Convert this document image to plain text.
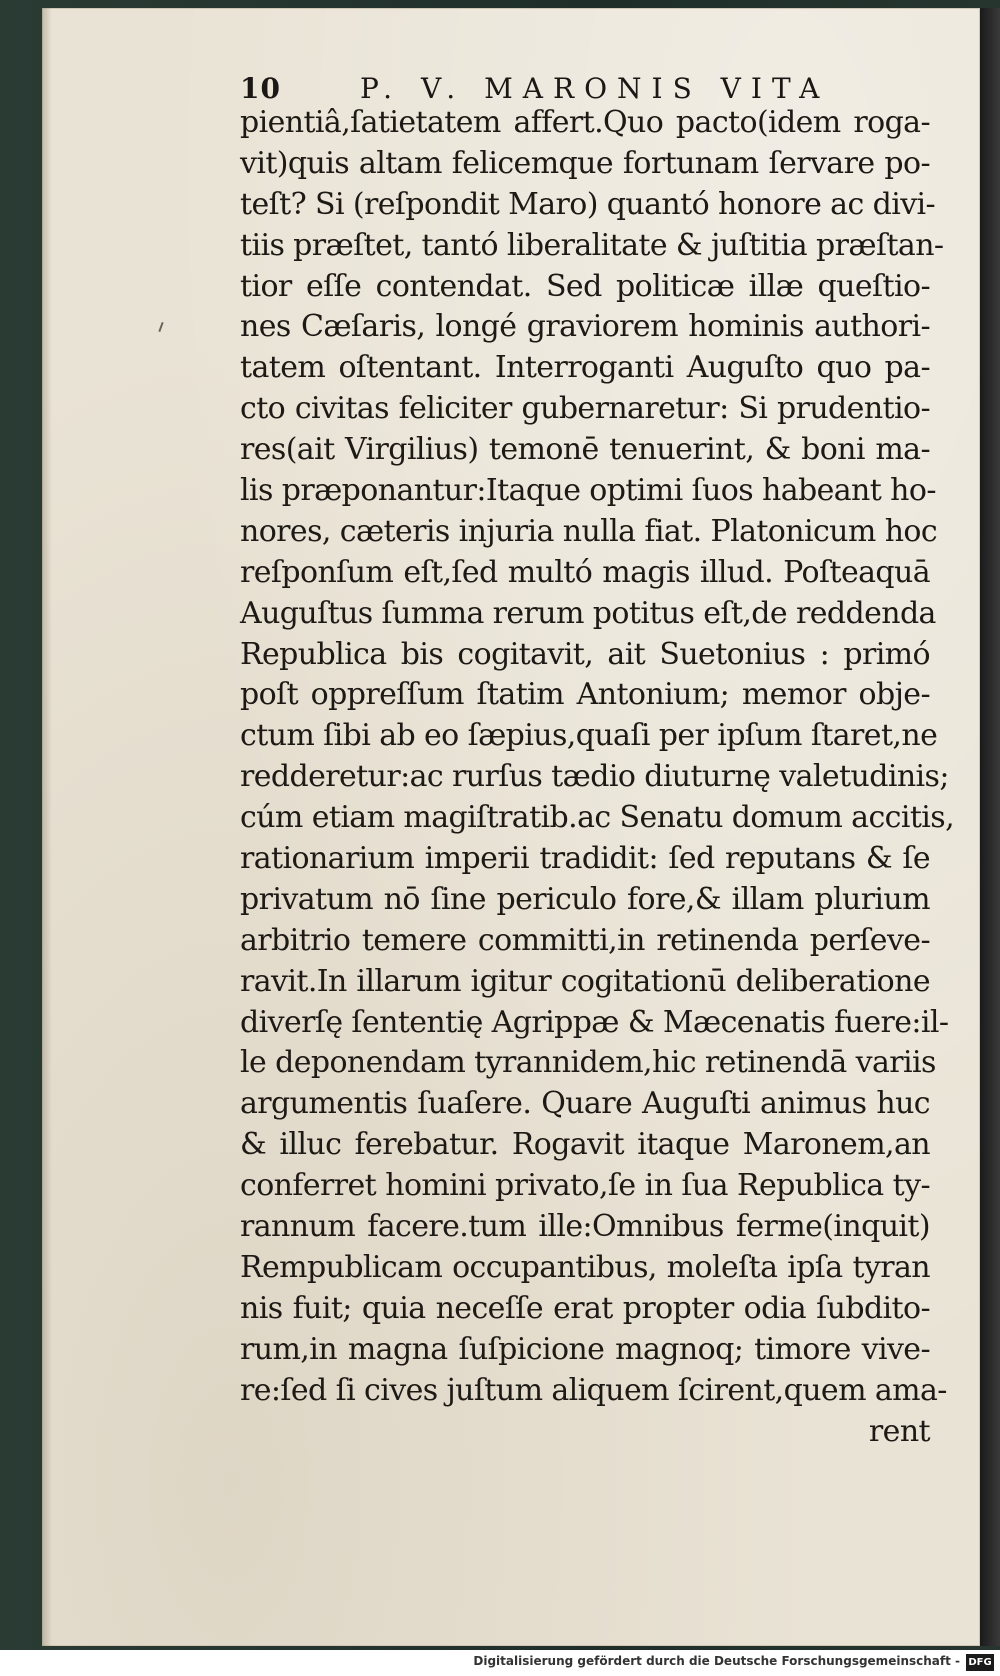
10	P. V. MARONIS VITA
pientiâ,ſatietatem affert.Quo pacto(idem roga-
vit)quis altam felicemque fortunam ſervare po-
teſt? Si (reſpondit Maro) quantó honore ac divi-
tiis præſtet, tantó liberalitate & juſtitia præſtan-
tior eſſe contendat. Sed politicæ illæ queſtio-
nes Cæſaris, longé graviorem hominis authori-
tatem oſtentant. Interroganti Auguſto quo pa-
cto civitas feliciter gubernaretur: Si prudentio-
res(ait Virgilius) temonē tenuerint, & boni ma-
lis præponantur:Itaque optimi ſuos habeant ho-
nores, cæteris injuria nulla fiat. Platonicum hoc
reſponſum eſt,ſed multó magis illud. Poſteaquā
Auguſtus ſumma rerum potitus eſt,de reddenda
Republica bis cogitavit, ait Suetonius : primó
poſt oppreſſum ſtatim Antonium; memor obje-
ctum ſibi ab eo ſæpius,quaſi per ipſum ſtaret,ne
redderetur:ac rurſus tædio diuturnę valetudinis;
cúm etiam magiſtratib.ac Senatu domum accitis,
rationarium imperii tradidit: ſed reputans & ſe
privatum nō ſine periculo fore,& illam plurium
arbitrio temere committi,in retinenda perſeve-
ravit.In illarum igitur cogitationū deliberatione
diverſę ſententię Agrippæ & Mæcenatis fuere:il-
le deponendam tyrannidem,hic retinendā variis
argumentis ſuaſere. Quare Auguſti animus huc
& illuc ferebatur. Rogavit itaque Maronem,an
conferret homini privato,ſe in ſua Republica ty-
rannum facere.tum ille:Omnibus ferme(inquit)
Rempublicam occupantibus, moleſta ipſa tyran
nis fuit; quia neceſſe erat propter odia ſubdito-
rum,in magna ſuſpicione magnoq; timore vive-
re:ſed ſi cives juſtum aliquem ſcirent,quem ama-
rent
Digitalisierung gefördert durch die Deutsche Forschungsgemeinschaft - DFG
